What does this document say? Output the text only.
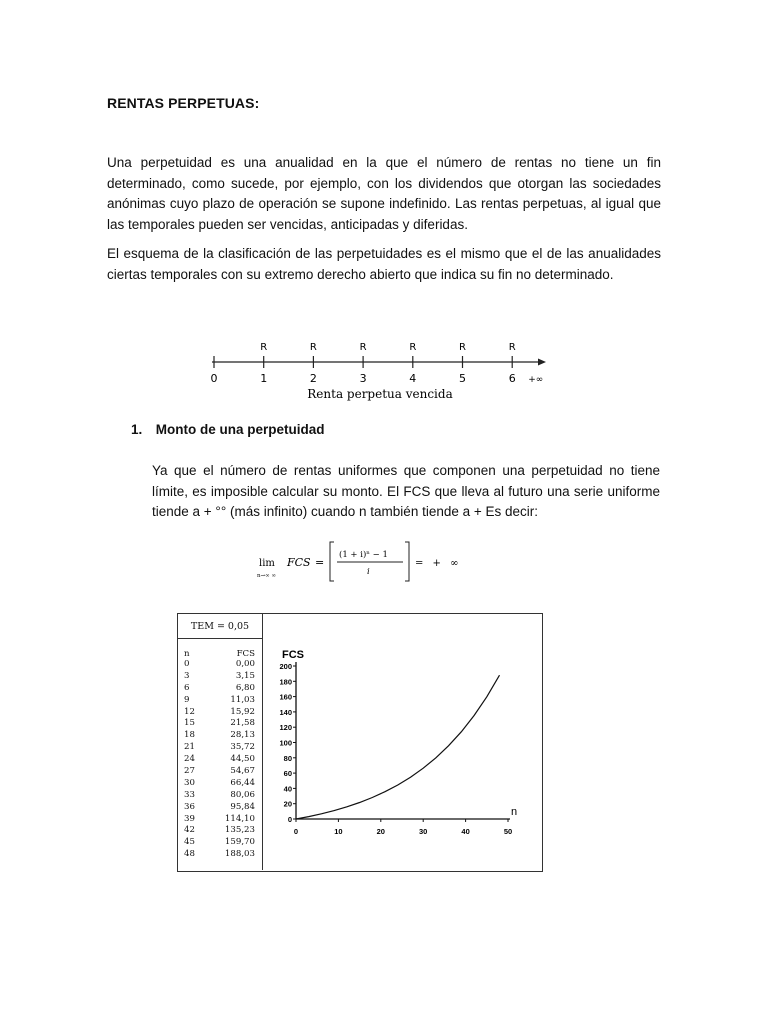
RENTAS PERPETUAS:
Una perpetuidad es una anualidad en la que el número de rentas no tiene un fin
determinado, como sucede, por ejemplo, con los dividendos que otorgan las sociedades
anónimas cuyo plazo de operación se supone indefinido. Las rentas perpetuas, al igual que
las temporales pueden ser vencidas, anticipadas y diferidas.
El esquema de la clasificación de las perpetuidades es el mismo que el de las anualidades
ciertas temporales con su extremo derecho abierto que indica su fin no determinado.
0	1
R
2
R
3
R
4
R
5
R
6
R
+∞
Renta perpetua vencida
1. Monto de una perpetuidad
Ya que el número de rentas uniformes que componen una perpetuidad no tiene
límite, es imposible calcular su monto. El FCS que lleva al futuro una serie uniforme
tiende a + °° (más infinito) cuando n también tiende a + Es decir:
lim
n→∞ ∞
FCS =
(1 + i)ⁿ − 1
i
= + ∞
TEM = 0,05
n	FCS
0	0,00
3	3,15
6	6,80
9	11,03
12	15,92
15	21,58
18	28,13
21	35,72
24	44,50
27	54,67
30	66,44
33	80,06
36	95,84
39	114,10
42	135,23
45	159,70
48	188,03
FCS
0
20
40
60
80
100
120
140
160
180
200
0	10	20	30	40	50
n
